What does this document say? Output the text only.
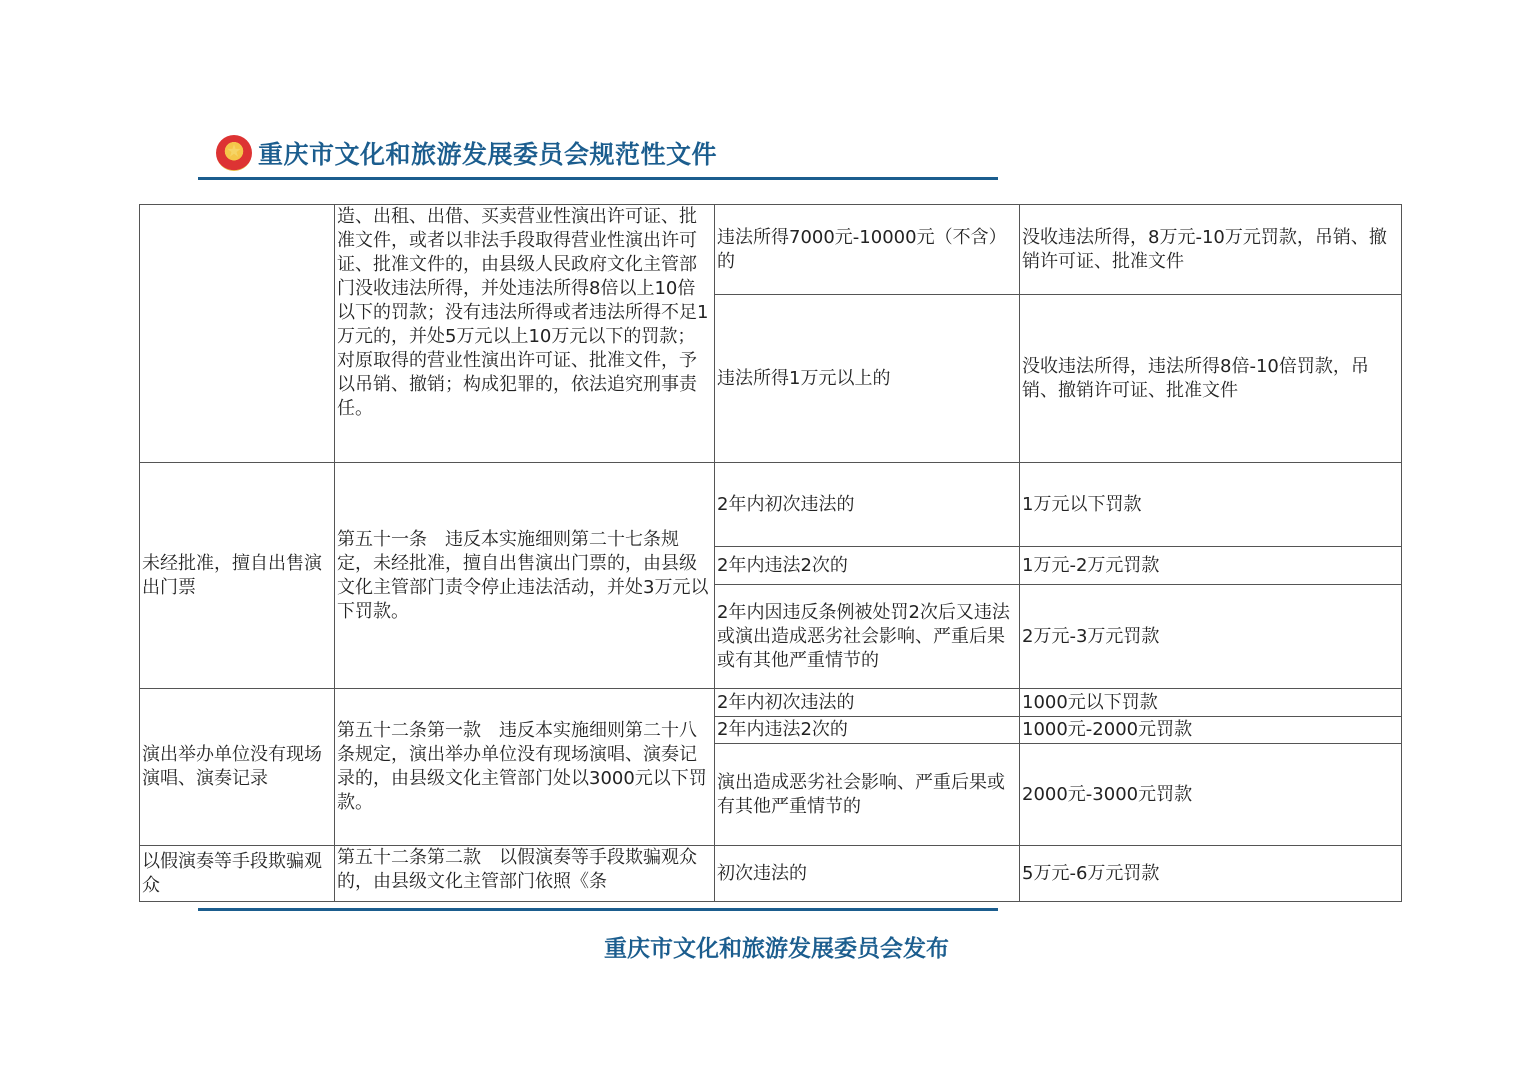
重庆市文化和旅游发展委员会规范性文件
	造、出租、出借、买卖营业性演出许可证、批准文件，或者以非法手段取得营业性演出许可证、批准文件的，由县级人民政府文化主管部门没收违法所得，并处违法所得8倍以上10倍以下的罚款；没有违法所得或者违法所得不足1万元的，并处5万元以上10万元以下的罚款；对原取得的营业性演出许可证、批准文件，予以吊销、撤销；构成犯罪的，依法追究刑事责任。	违法所得7000元-10000元（不含）的	没收违法所得，8万元-10万元罚款，吊销、撤销许可证、批准文件
		违法所得1万元以上的	没收违法所得，违法所得8倍-10倍罚款，吊销、撤销许可证、批准文件
未经批准，擅自出售演出门票	第五十一条　违反本实施细则第二十七条规定，未经批准，擅自出售演出门票的，由县级文化主管部门责令停止违法活动，并处3万元以下罚款。	2年内初次违法的	1万元以下罚款
		2年内违法2次的	1万元-2万元罚款
		2年内因违反条例被处罚2次后又违法或演出造成恶劣社会影响、严重后果或有其他严重情节的	2万元-3万元罚款
演出举办单位没有现场演唱、演奏记录	第五十二条第一款　违反本实施细则第二十八条规定，演出举办单位没有现场演唱、演奏记录的，由县级文化主管部门处以3000元以下罚款。	2年内初次违法的	1000元以下罚款
		2年内违法2次的	1000元-2000元罚款
		演出造成恶劣社会影响、严重后果或有其他严重情节的	2000元-3000元罚款
以假演奏等手段欺骗观众	第五十二条第二款　以假演奏等手段欺骗观众的，由县级文化主管部门依照《条	初次违法的	5万元-6万元罚款
重庆市文化和旅游发展委员会发布
